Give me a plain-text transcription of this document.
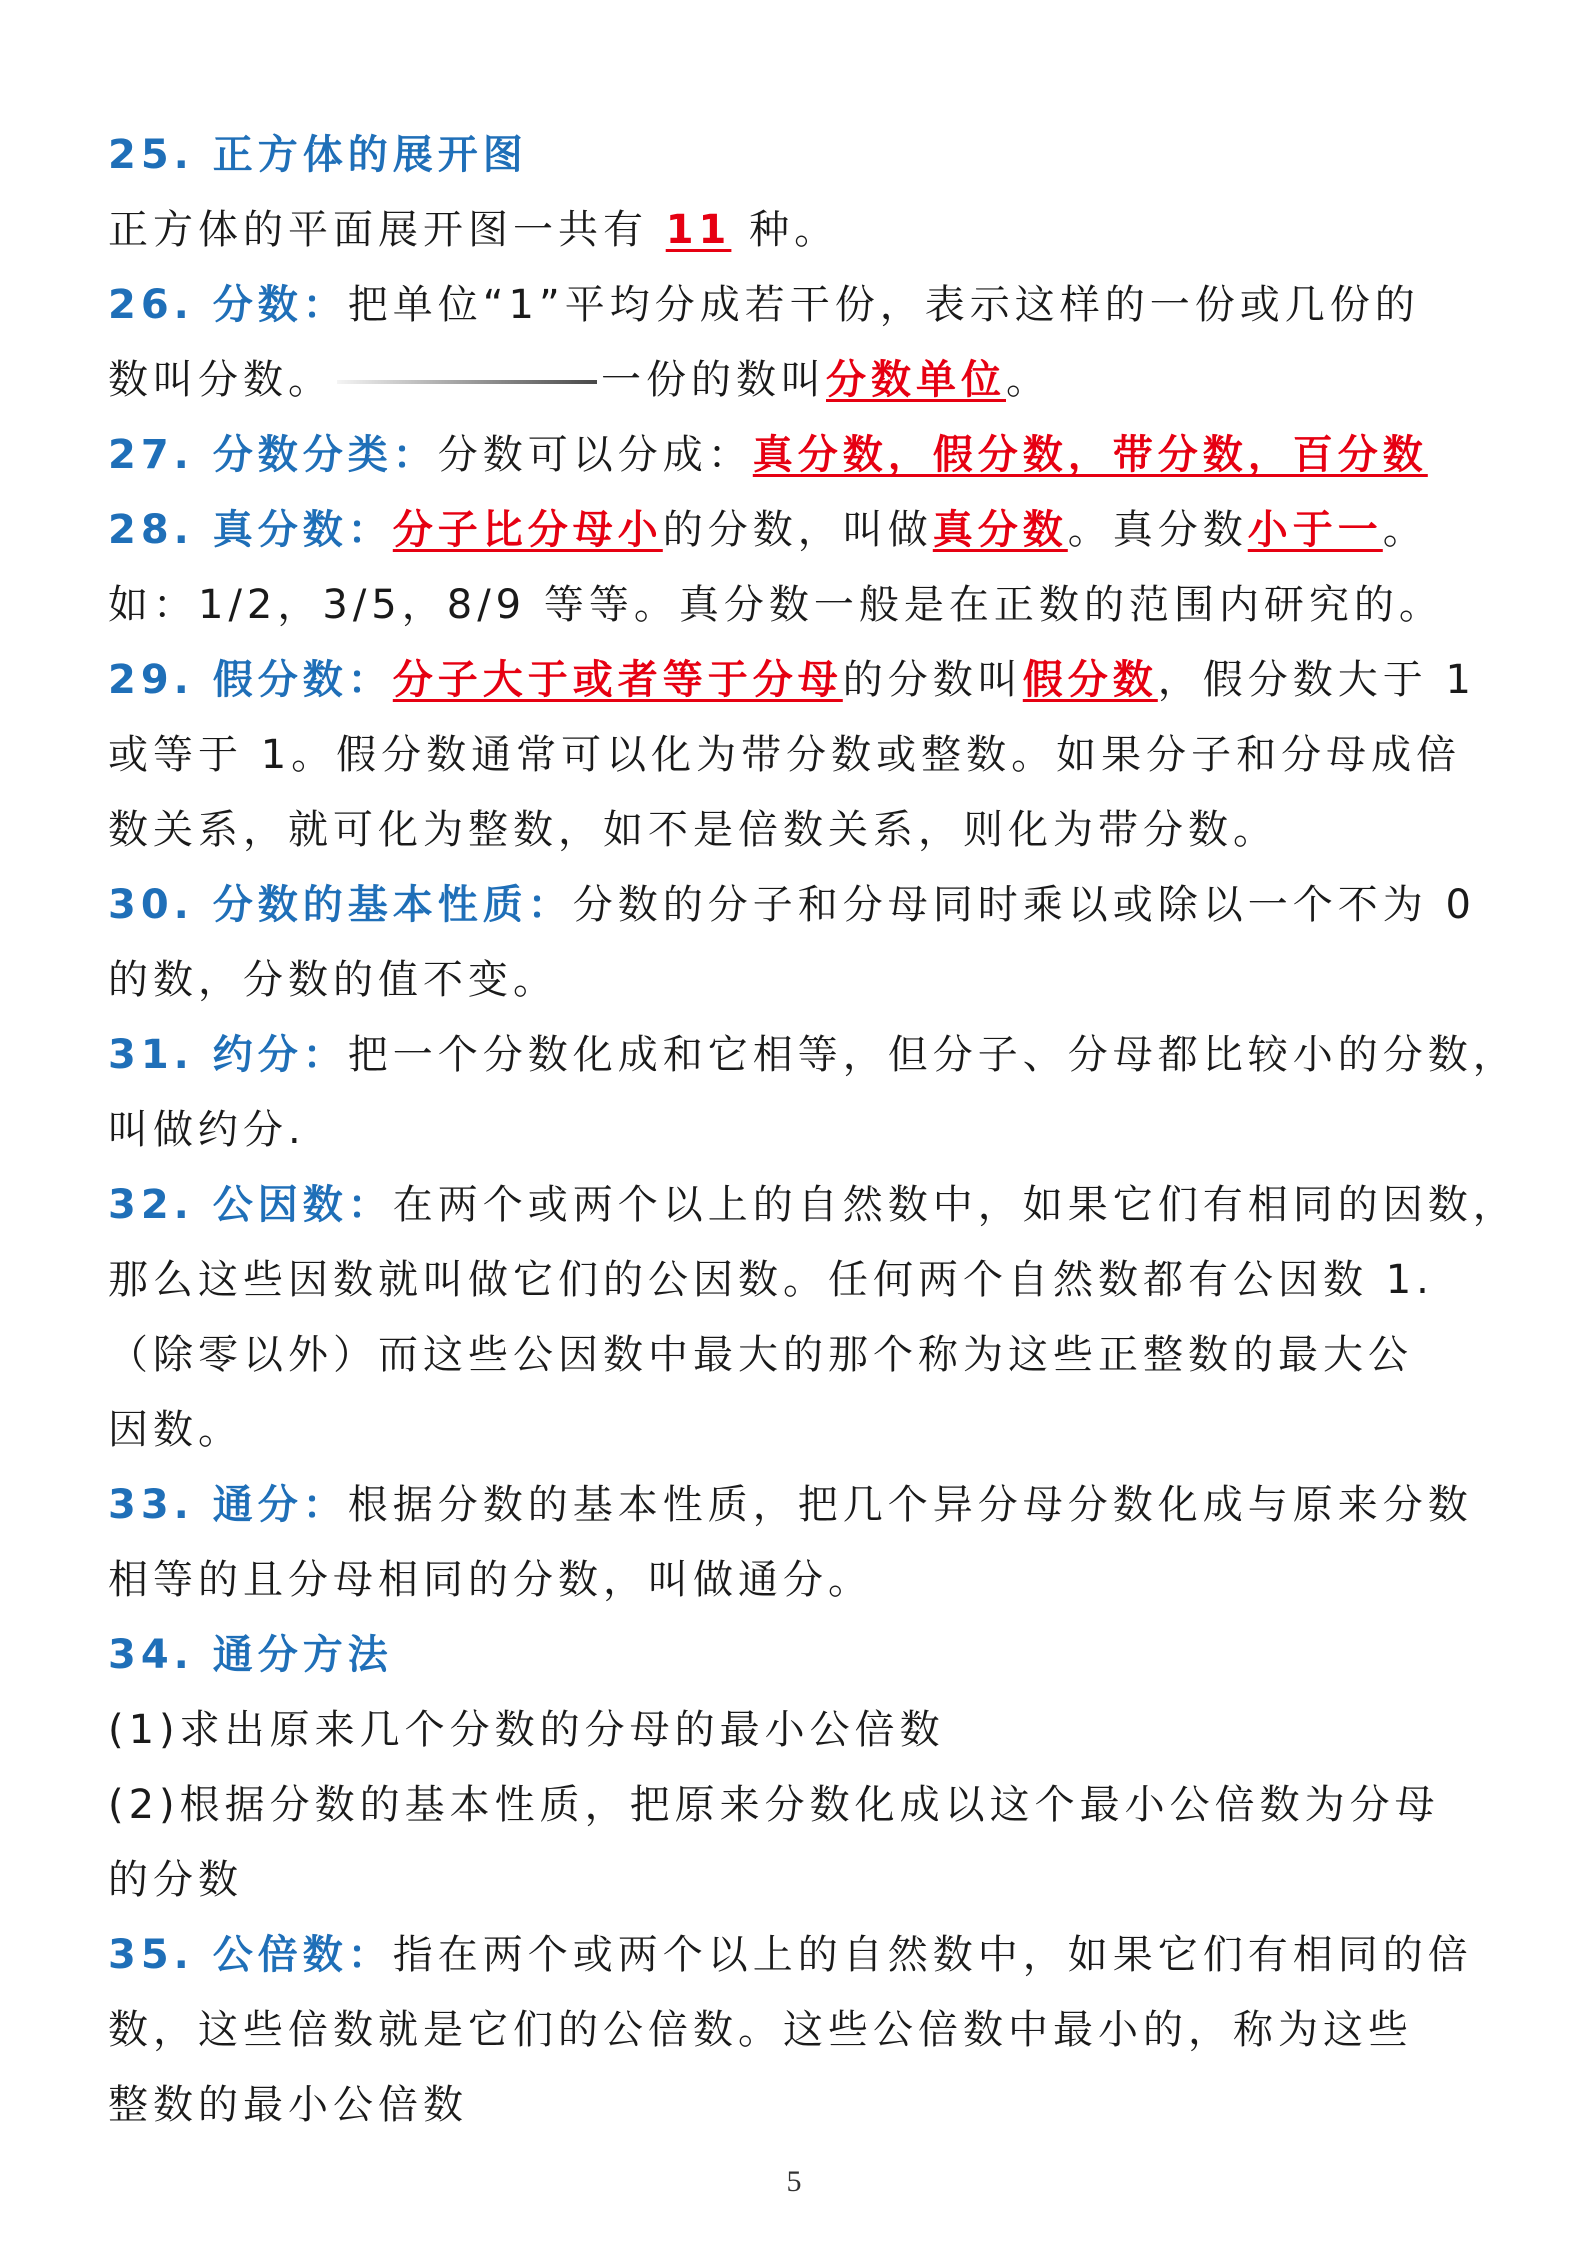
25. 正方体的展开图
正方体的平面展开图一共有 11 种。
26. 分数：把单位“1”平均分成若干份，表示这样的一份或几份的
数叫分数。	一份的数叫分数单位。
27. 分数分类：分数可以分成：真分数，假分数，带分数，百分数
28. 真分数：分子比分母小的分数，叫做真分数。真分数小于一。
如：1/2，3/5，8/9 等等。真分数一般是在正数的范围内研究的。
29. 假分数：分子大于或者等于分母的分数叫假分数，假分数大于 1
或等于 1。假分数通常可以化为带分数或整数。如果分子和分母成倍
数关系，就可化为整数，如不是倍数关系，则化为带分数。
30. 分数的基本性质：分数的分子和分母同时乘以或除以一个不为 0
的数，分数的值不变。
31. 约分：把一个分数化成和它相等，但分子、分母都比较小的分数，
叫做约分.
32. 公因数：在两个或两个以上的自然数中，如果它们有相同的因数，
那么这些因数就叫做它们的公因数。任何两个自然数都有公因数 1.
（除零以外）而这些公因数中最大的那个称为这些正整数的最大公
因数。
33. 通分：根据分数的基本性质，把几个异分母分数化成与原来分数
相等的且分母相同的分数，叫做通分。
34. 通分方法
(1)求出原来几个分数的分母的最小公倍数
(2)根据分数的基本性质，把原来分数化成以这个最小公倍数为分母
的分数
35. 公倍数：指在两个或两个以上的自然数中，如果它们有相同的倍
数，这些倍数就是它们的公倍数。这些公倍数中最小的，称为这些
整数的最小公倍数
5
